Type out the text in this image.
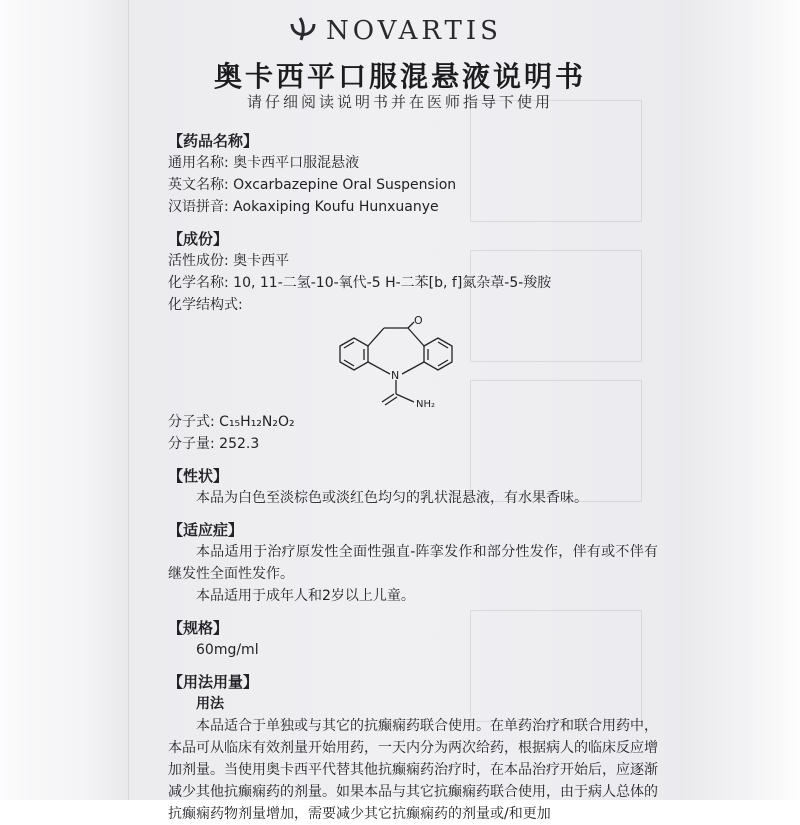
NOVARTIS
奥卡西平口服混悬液说明书
请仔细阅读说明书并在医师指导下使用
【药品名称】
通用名称: 奥卡西平口服混悬液
英文名称: Oxcarbazepine Oral Suspension
汉语拼音: Aokaxiping Koufu Hunxuanye
【成份】
活性成份: 奥卡西平
化学名称: 10, 11-二氢-10-氧代-5 H-二苯[b, f]氮杂䓬-5-羧胺
化学结构式:
O
N
NH₂
分子式: C₁₅H₁₂N₂O₂
分子量: 252.3
【性状】
本品为白色至淡棕色或淡红色均匀的乳状混悬液，有水果香味。
【适应症】
本品适用于治疗原发性全面性强直-阵挛发作和部分性发作，伴有或不伴有继发性全面性发作。
本品适用于成年人和2岁以上儿童。
【规格】
60mg/ml
【用法用量】
用法
本品适合于单独或与其它的抗癫痫药联合使用。在单药治疗和联合用药中，本品可从临床有效剂量开始用药，一天内分为两次给药，根据病人的临床反应增加剂量。当使用奥卡西平代替其他抗癫痫药治疗时，在本品治疗开始后，应逐渐减少其他抗癫痫药的剂量。如果本品与其它抗癫痫药联合使用，由于病人总体的抗癫痫药物剂量增加，需要减少其它抗癫痫药的剂量或/和更加
